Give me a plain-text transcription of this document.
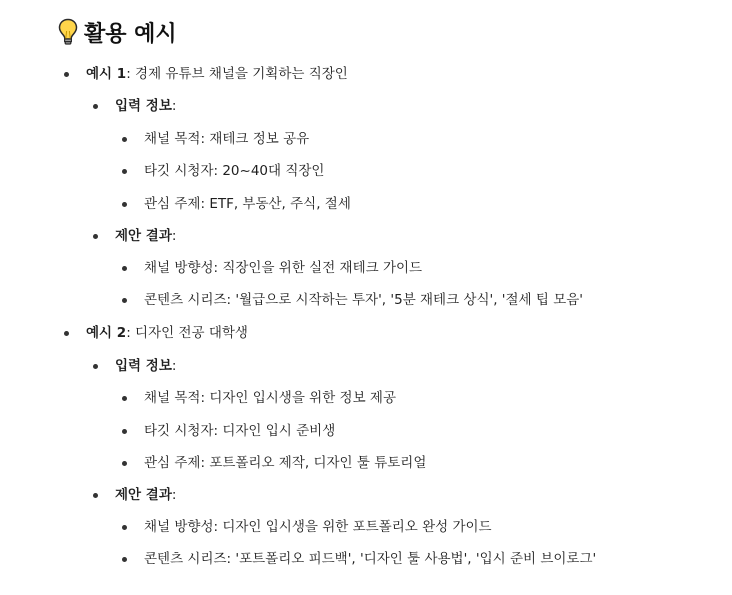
활용 예시
예시 1: 경제 유튜브 채널을 기획하는 직장인
입력 정보:
채널 목적: 재테크 정보 공유
타깃 시청자: 20~40대 직장인
관심 주제: ETF, 부동산, 주식, 절세
제안 결과:
채널 방향성: 직장인을 위한 실전 재테크 가이드
콘텐츠 시리즈: '월급으로 시작하는 투자', '5분 재테크 상식', '절세 팁 모음'
예시 2: 디자인 전공 대학생
입력 정보:
채널 목적: 디자인 입시생을 위한 정보 제공
타깃 시청자: 디자인 입시 준비생
관심 주제: 포트폴리오 제작, 디자인 툴 튜토리얼
제안 결과:
채널 방향성: 디자인 입시생을 위한 포트폴리오 완성 가이드
콘텐츠 시리즈: '포트폴리오 피드백', '디자인 툴 사용법', '입시 준비 브이로그'
